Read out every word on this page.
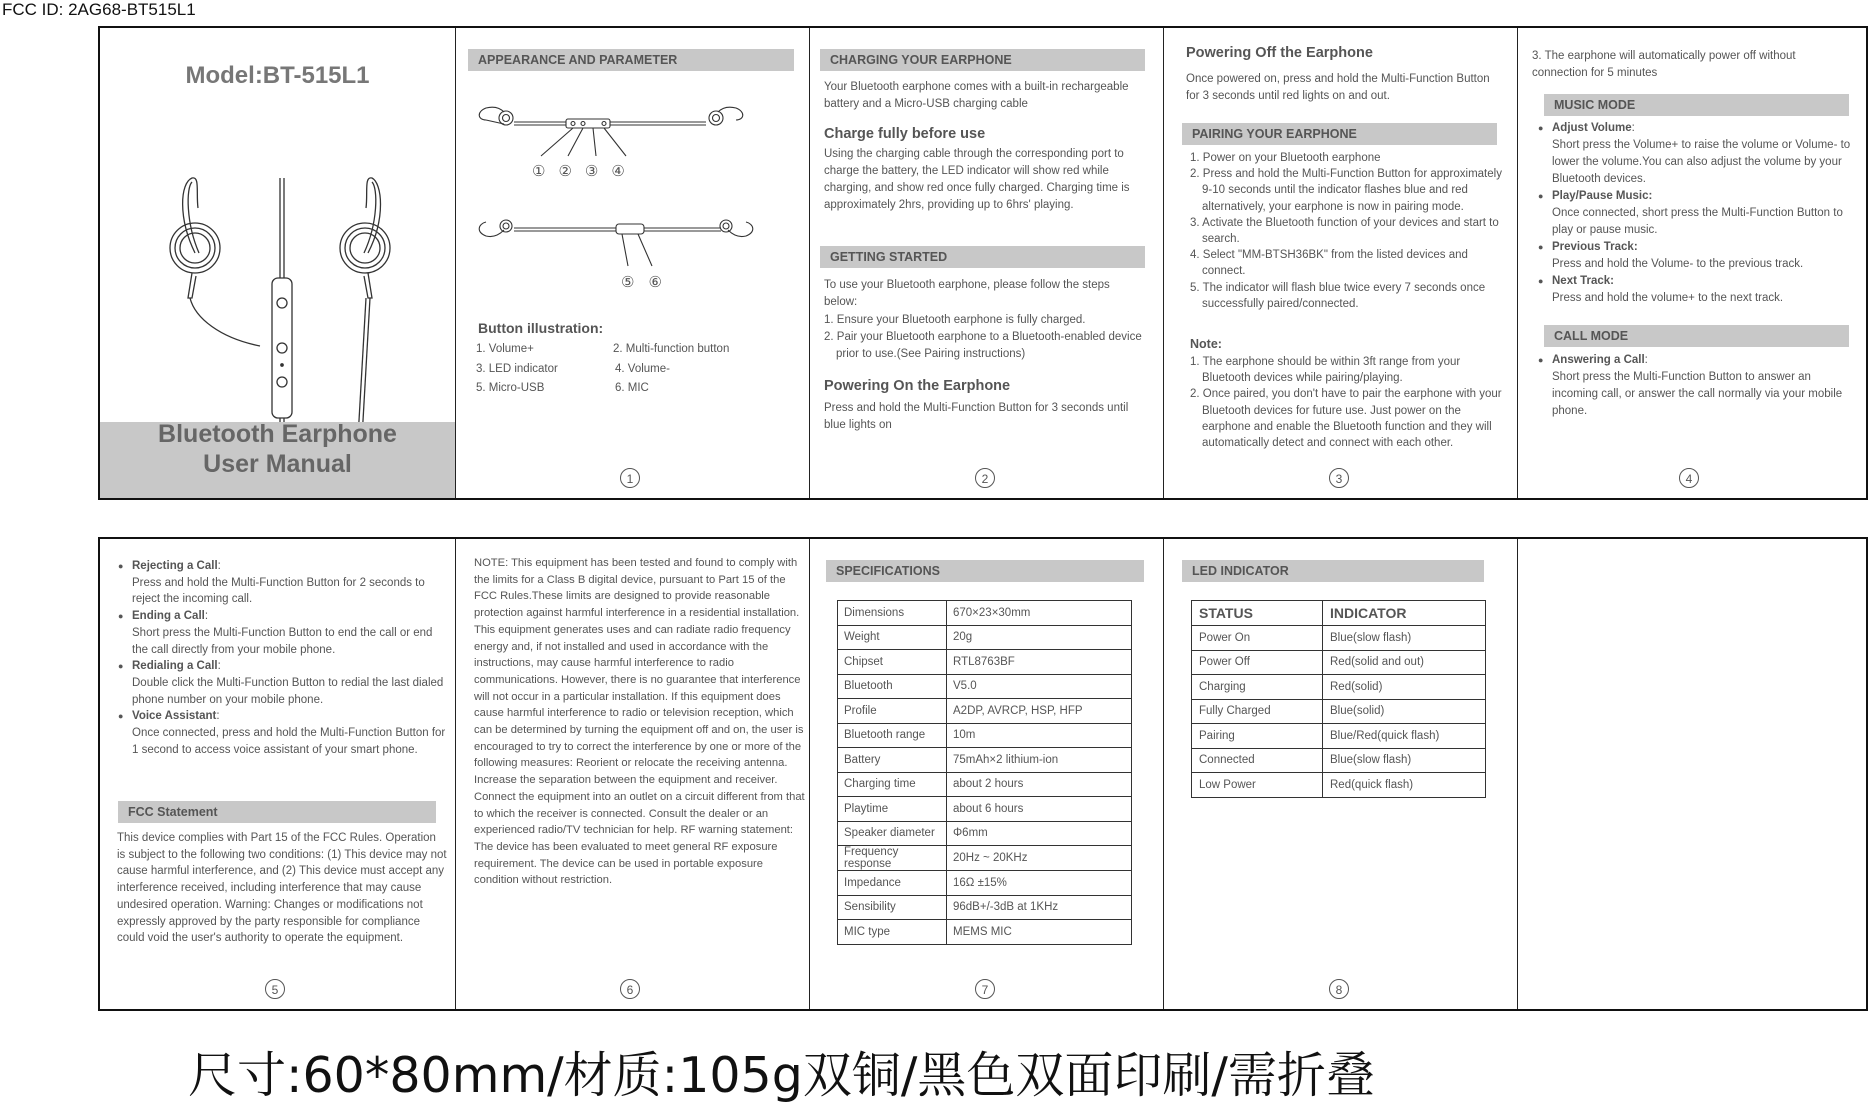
FCC ID: 2AG68-BT515L1
Model:BT-515L1
Bluetooth Earphone
User Manual
APPEARANCE AND PARAMETER
①②③④
⑤⑥
Button illustration:
1. Volume+	2. Multi-function button
3. LED indicator	4. Volume-
5. Micro-USB	6. MIC
1
CHARGING YOUR EARPHONE
Your Bluetooth earphone comes with a built-in rechargeable battery and a Micro-USB charging cable
Charge fully before use
Using the charging cable through the corresponding port to charge the battery, the LED indicator will show red while charging, and show red once fully charged. Charging time is approximately 2hrs, providing up to 6hrs' playing.
GETTING STARTED
To use your Bluetooth earphone, please follow the steps below:
1. Ensure your Bluetooth earphone is fully charged.
2. Pair your Bluetooth earphone to a Bluetooth-enabled device prior to use.(See Pairing instructions)
Powering On the Earphone
Press and hold the Multi-Function Button for 3 seconds until blue lights on
2
Powering Off the Earphone
Once powered on, press and hold the Multi-Function Button for 3 seconds until red lights on and out.
PAIRING YOUR EARPHONE
1. Power on your Bluetooth earphone
2. Press and hold the Multi-Function Button for approximately 9-10 seconds until the indicator flashes blue and red alternatively, your earphone is now in pairing mode.
3. Activate the Bluetooth function of your devices and start to search.
4. Select "MM-BTSH36BK" from the listed devices and connect.
5. The indicator will flash blue twice every 7 seconds once successfully paired/connected.
Note:
1. The earphone should be within 3ft range from your Bluetooth devices while pairing/playing.
2. Once paired, you don't have to pair the earphone with your Bluetooth devices for future use. Just power on the earphone and enable the Bluetooth function and they will automatically detect and connect with each other.
3
3. The earphone will automatically power off without connection for 5 minutes
MUSIC MODE
● Adjust Volume:
Short press the Volume+ to raise the volume or Volume- to lower the volume.You can also adjust the volume by your Bluetooth devices.
● Play/Pause Music:
Once connected, short press the Multi-Function Button to play or pause music.
● Previous Track:
Press and hold the Volume- to the previous track.
● Next Track:
Press and hold the volume+ to the next track.
CALL MODE
● Answering a Call:
Short press the Multi-Function Button to answer an incoming call, or answer the call normally via your mobile phone.
4
● Rejecting a Call:
Press and hold the Multi-Function Button for 2 seconds to reject the incoming call.
● Ending a Call:
Short press the Multi-Function Button to end the call or end the call directly from your mobile phone.
● Redialing a Call:
Double click the Multi-Function Button to redial the last dialed phone number on your mobile phone.
● Voice Assistant:
Once connected, press and hold the Multi-Function Button for 1 second to access voice assistant of your smart phone.
FCC Statement
This device complies with Part 15 of the FCC Rules. Operation is subject to the following two conditions: (1) This device may not cause harmful interference, and (2) This device must accept any interference received, including interference that may cause undesired operation. Warning: Changes or modifications not expressly approved by the party responsible for compliance could void the user's authority to operate the equipment.
5
NOTE: This equipment has been tested and found to comply with the limits for a Class B digital device, pursuant to Part 15 of the FCC Rules.These limits are designed to provide reasonable protection against harmful interference in a residential installation. This equipment generates uses and can radiate radio frequency energy and, if not installed and used in accordance with the instructions, may cause harmful interference to radio communications. However, there is no guarantee that interference will not occur in a particular installation. If this equipment does cause harmful interference to radio or television reception, which can be determined by turning the equipment off and on, the user is encouraged to try to correct the interference by one or more of the following measures: Reorient or relocate the receiving antenna. Increase the separation between the equipment and receiver. Connect the equipment into an outlet on a circuit different from that to which the receiver is connected. Consult the dealer or an experienced radio/TV technician for help. RF warning statement: The device has been evaluated to meet general RF exposure requirement. The device can be used in portable exposure condition without restriction.
6
SPECIFICATIONS
Dimensions	670×23×30mm
Weight	20g
Chipset	RTL8763BF
Bluetooth	V5.0
Profile	A2DP, AVRCP, HSP, HFP
Bluetooth range	10m
Battery	75mAh×2 lithium-ion
Charging time	about 2 hours
Playtime	about 6 hours
Speaker diameter	Φ6mm
Frequency response	20Hz ~ 20KHz
Impedance	16Ω ±15%
Sensibility	96dB+/-3dB at 1KHz
MIC type	MEMS MIC
7
LED INDICATOR
STATUS	INDICATOR
Power On	Blue(slow flash)
Power Off	Red(solid and out)
Charging	Red(solid)
Fully Charged	Blue(solid)
Pairing	Blue/Red(quick flash)
Connected	Blue(slow flash)
Low Power	Red(quick flash)
8
尺寸:60*80mm/材质:105g双铜/黑色双面印刷/需折叠
